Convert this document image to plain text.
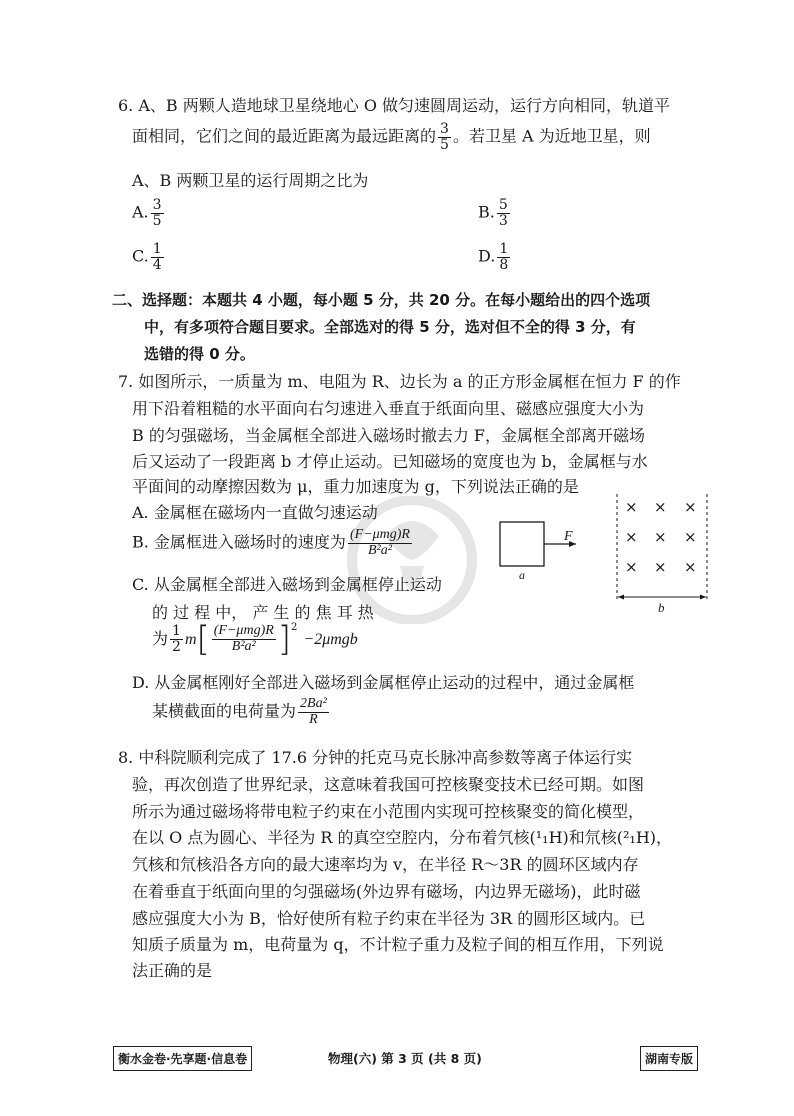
6. A、B 两颗人造地球卫星绕地心 O 做匀速圆周运动，运行方向相同，轨道平
面相同，它们之间的最近距离为最远距离的 $\frac{3}{5}$ 。若卫星 A 为近地卫星，则
A、B 两颗卫星的运行周期之比为
A. $\frac{3}{5}$	B. $\frac{5}{3}$
C. $\frac{1}{4}$	D. $\frac{1}{8}$
二、选择题：本题共 4 小题，每小题 5 分，共 20 分。在每小题给出的四个选项
中，有多项符合题目要求。全部选对的得 5 分，选对但不全的得 3 分，有
选错的得 0 分。
7. 如图所示，一质量为 m、电阻为 R、边长为 a 的正方形金属框在恒力 F 的作
用下沿着粗糙的水平面向右匀速进入垂直于纸面向里、磁感应强度大小为
B 的匀强磁场，当金属框全部进入磁场时撤去力 F，金属框全部离开磁场
后又运动了一段距离 b 才停止运动。已知磁场的宽度也为 b，金属框与水
平面间的动摩擦因数为 μ，重力加速度为 g，下列说法正确的是
A. 金属框在磁场内一直做匀速运动
B. 金属框进入磁场时的速度为 $\frac{\text{(F−μmg)R}}{\text{B²a²}}$
C. 从金属框全部进入磁场到金属框停止运动
的 过 程 中， 产 生 的 焦 耳 热
为 $\frac{1}{2} m[ \frac{\text{(F−μmg)R}}{\text{B²a²}} ]^2-2\mu mgb$
D. 从金属框刚好全部进入磁场到金属框停止运动的过程中，通过金属框
某横截面的电荷量为 $\frac{\text{2Ba²}}{R}$
F
a
× × ×
× × ×
× × ×
b
8. 中科院顺利完成了 17.6 分钟的托克马克长脉冲高参数等离子体运行实
验，再次创造了世界纪录，这意味着我国可控核聚变技术已经可期。如图
所示为通过磁场将带电粒子约束在小范围内实现可控核聚变的简化模型，
在以 O 点为圆心、半径为 R 的真空空腔内，分布着氕核(¹₁H)和氘核(²₁H)，
氕核和氘核沿各方向的最大速率均为 v，在半径 R～3R 的圆环区域内存
在着垂直于纸面向里的匀强磁场(外边界有磁场，内边界无磁场)，此时磁
感应强度大小为 B，恰好使所有粒子约束在半径为 3R 的圆形区域内。已
知质子质量为 m，电荷量为 q，不计粒子重力及粒子间的相互作用，下列说
法正确的是
衡水金卷·先享题·信息卷	物理(六) 第 3 页 (共 8 页)	湖南专版
